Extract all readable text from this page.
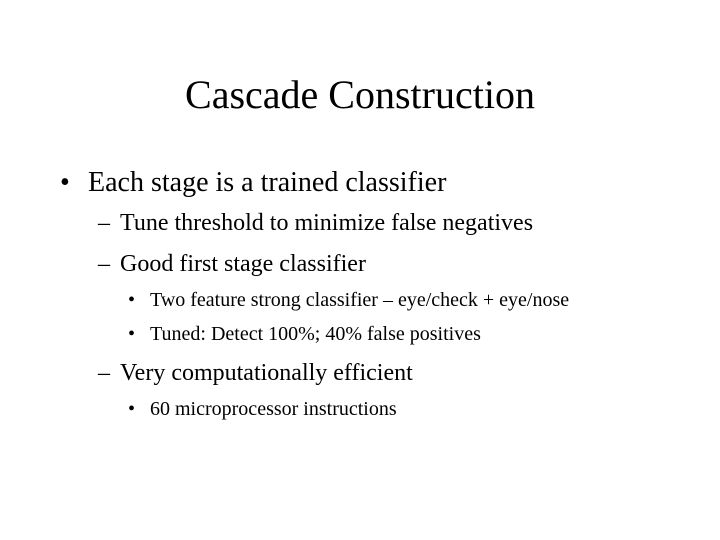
Cascade Construction
• Each stage is a trained classifier
– Tune threshold to minimize false negatives
– Good first stage classifier
• Two feature strong classifier – eye/check + eye/nose
• Tuned: Detect 100%; 40% false positives
– Very computationally efficient
• 60 microprocessor instructions
